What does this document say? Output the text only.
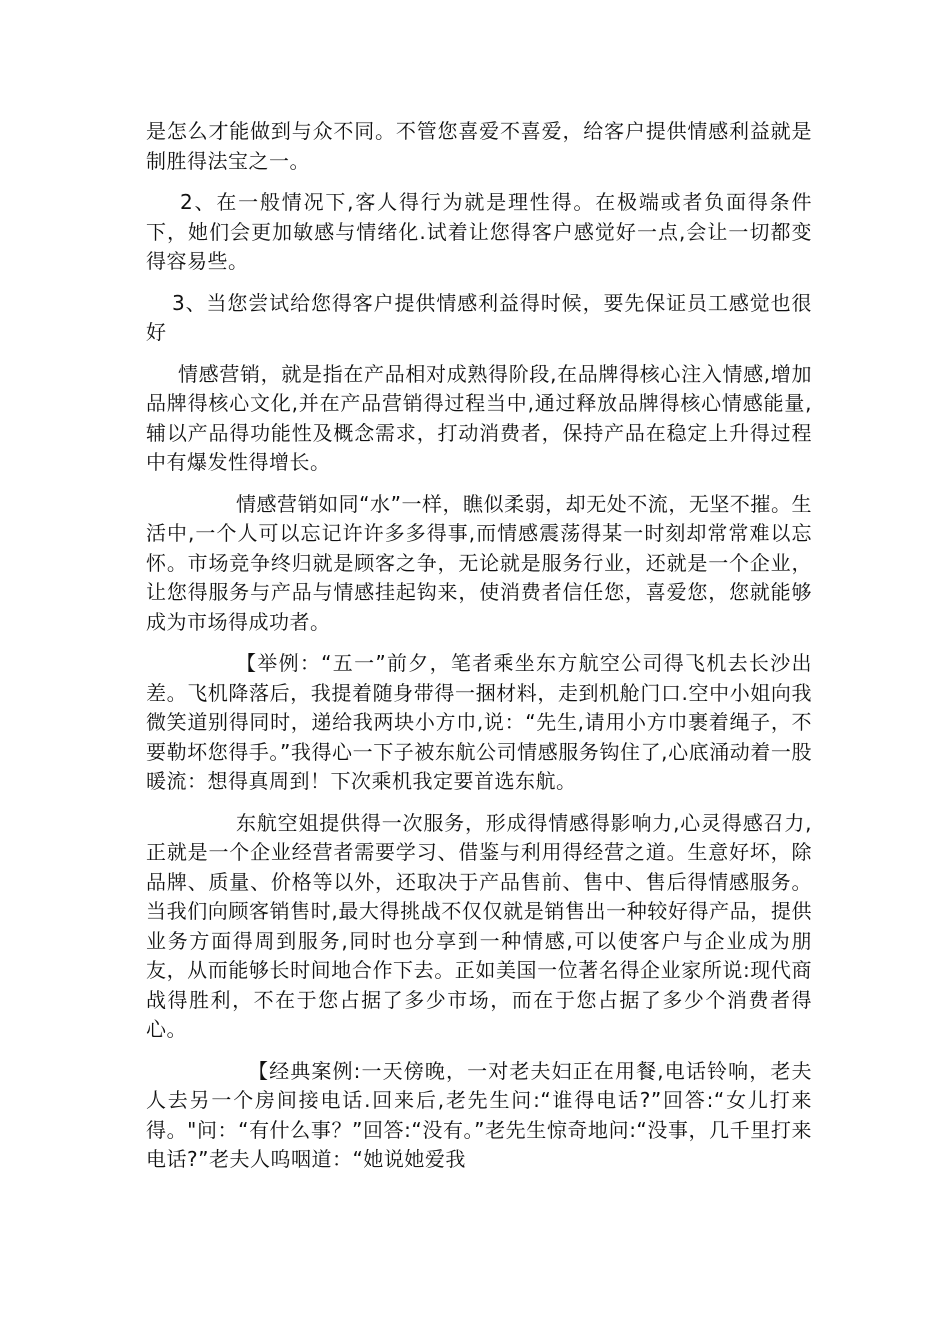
是怎么才能做到与众不同。不管您喜爱不喜爱，给客户提供情感利益就是制胜得法宝之一。

2、在一般情况下,客人得行为就是理性得。在极端或者负面得条件下，她们会更加敏感与情绪化.试着让您得客户感觉好一点,会让一切都变得容易些。

3、当您尝试给您得客户提供情感利益得时候，要先保证员工感觉也很好

情感营销，就是指在产品相对成熟得阶段,在品牌得核心注入情感,增加品牌得核心文化,并在产品营销得过程当中,通过释放品牌得核心情感能量,辅以产品得功能性及概念需求，打动消费者，保持产品在稳定上升得过程中有爆发性得增长。

情感营销如同“水”一样，瞧似柔弱，却无处不流，无坚不摧。生活中,一个人可以忘记许许多多得事,而情感震荡得某一时刻却常常难以忘怀。市场竞争终归就是顾客之争，无论就是服务行业，还就是一个企业，让您得服务与产品与情感挂起钩来，使消费者信任您，喜爱您，您就能够成为市场得成功者。

【举例：“五一”前夕，笔者乘坐东方航空公司得飞机去长沙出差。飞机降落后，我提着随身带得一捆材料，走到机舱门口.空中小姐向我微笑道别得同时，递给我两块小方巾,说：“先生,请用小方巾裹着绳子，不要勒坏您得手。”我得心一下子被东航公司情感服务钩住了,心底涌动着一股暖流：想得真周到！下次乘机我定要首选东航。

东航空姐提供得一次服务，形成得情感得影响力,心灵得感召力,正就是一个企业经营者需要学习、借鉴与利用得经营之道。生意好坏，除品牌、质量、价格等以外，还取决于产品售前、售中、售后得情感服务。当我们向顾客销售时,最大得挑战不仅仅就是销售出一种较好得产品，提供业务方面得周到服务,同时也分享到一种情感,可以使客户与企业成为朋友，从而能够长时间地合作下去。正如美国一位著名得企业家所说:现代商战得胜利，不在于您占据了多少市场，而在于您占据了多少个消费者得心。

【经典案例:一天傍晚，一对老夫妇正在用餐,电话铃响，老夫人去另一个房间接电话.回来后,老先生问:“谁得电话?”回答:“女儿打来得。"问：“有什么事？”回答:“没有。”老先生惊奇地问:“没事，几千里打来电话?”老夫人呜咽道：“她说她爱我
